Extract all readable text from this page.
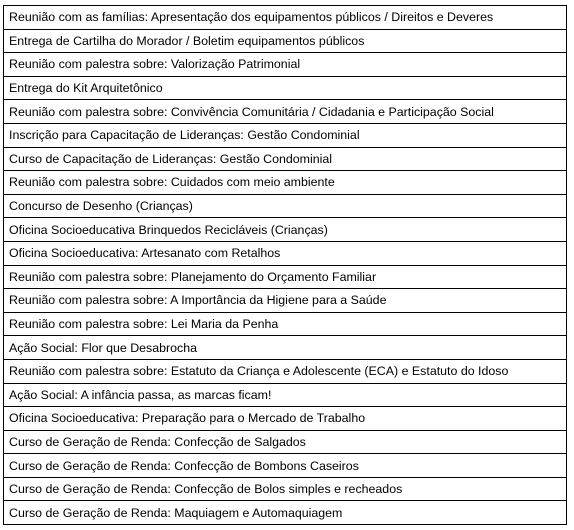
Reunião com as famílias: Apresentação dos equipamentos públicos / Direitos e Deveres
Entrega de Cartilha do Morador / Boletim equipamentos públicos
Reunião com palestra sobre: Valorização Patrimonial
Entrega do Kit Arquitetônico
Reunião com palestra sobre: Convivência Comunitária / Cidadania e Participação Social
Inscrição para Capacitação de Lideranças: Gestão Condominial
Curso de Capacitação de Lideranças: Gestão Condominial
Reunião com palestra sobre: Cuidados com meio ambiente
Concurso de Desenho (Crianças)
Oficina Socioeducativa Brinquedos Recicláveis (Crianças)
Oficina Socioeducativa: Artesanato com Retalhos
Reunião com palestra sobre: Planejamento do Orçamento Familiar
Reunião com palestra sobre: A Importância da Higiene para a Saúde
Reunião com palestra sobre: Lei Maria da Penha
Ação Social: Flor que Desabrocha
Reunião com palestra sobre: Estatuto da Criança e Adolescente (ECA) e Estatuto do Idoso
Ação Social: A infância passa, as marcas ficam!
Oficina Socioeducativa: Preparação para o Mercado de Trabalho
Curso de Geração de Renda: Confecção de Salgados
Curso de Geração de Renda: Confecção de Bombons Caseiros
Curso de Geração de Renda: Confecção de Bolos simples e recheados
Curso de Geração de Renda: Maquiagem e Automaquiagem
